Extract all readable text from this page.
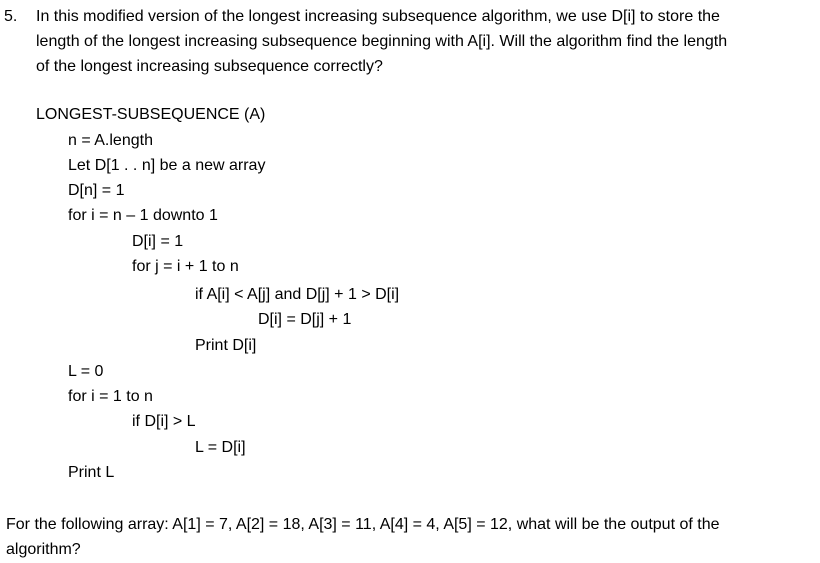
5. In this modified version of the longest increasing subsequence algorithm, we use D[i] to store the
length of the longest increasing subsequence beginning with A[i]. Will the algorithm find the length
of the longest increasing subsequence correctly?
LONGEST-SUBSEQUENCE (A)
n = A.length
Let D[1 . . n] be a new array
D[n] = 1
for i = n – 1 downto 1
D[i] = 1
for j = i + 1 to n
if A[i] < A[j] and D[j] + 1 > D[i]
D[i] = D[j] + 1
Print D[i]
L = 0
for i = 1 to n
if D[i] > L
L = D[i]
Print L
For the following array: A[1] = 7, A[2] = 18, A[3] = 11, A[4] = 4, A[5] = 12, what will be the output of the
algorithm?
